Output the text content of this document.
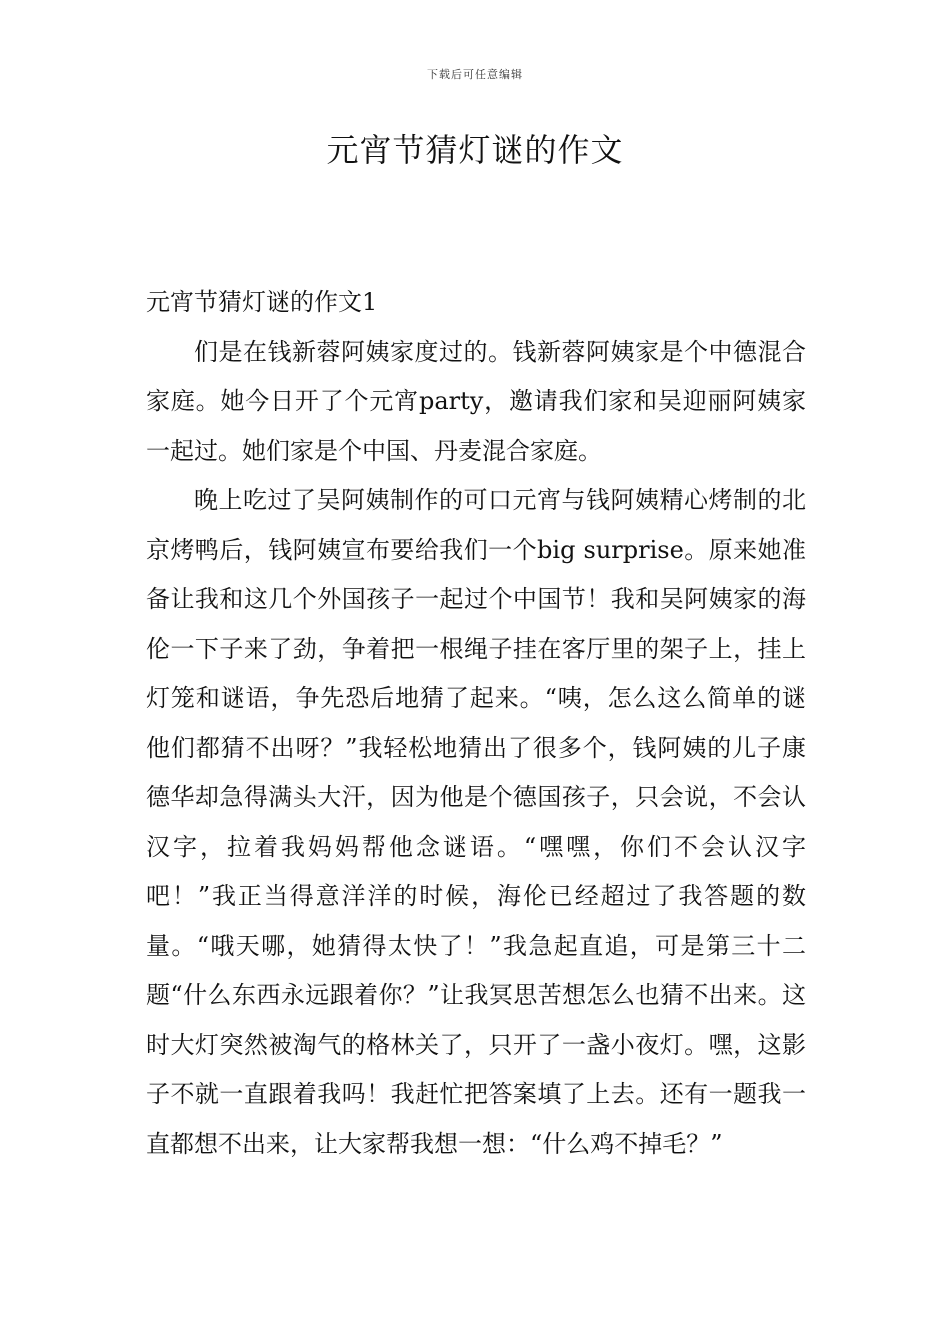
下载后可任意编辑
元宵节猜灯谜的作文

元宵节猜灯谜的作文1

们是在钱新蓉阿姨家度过的。钱新蓉阿姨家是个中德混合家庭。她今日开了个元宵party，邀请我们家和吴迎丽阿姨家一起过。她们家是个中国、丹麦混合家庭。

晚上吃过了吴阿姨制作的可口元宵与钱阿姨精心烤制的北京烤鸭后，钱阿姨宣布要给我们一个big surprise。原来她准备让我和这几个外国孩子一起过个中国节！我和吴阿姨家的海伦一下子来了劲，争着把一根绳子挂在客厅里的架子上，挂上灯笼和谜语，争先恐后地猜了起来。“咦，怎么这么简单的谜他们都猜不出呀？”我轻松地猜出了很多个，钱阿姨的儿子康德华却急得满头大汗，因为他是个德国孩子，只会说，不会认汉字，拉着我妈妈帮他念谜语。“嘿嘿，你们不会认汉字吧！”我正当得意洋洋的时候，海伦已经超过了我答题的数量。“哦天哪，她猜得太快了！”我急起直追，可是第三十二题“什么东西永远跟着你？”让我冥思苦想怎么也猜不出来。这时大灯突然被淘气的格林关了，只开了一盏小夜灯。嘿，这影子不就一直跟着我吗！我赶忙把答案填了上去。还有一题我一直都想不出来，让大家帮我想一想：“什么鸡不掉毛？”
